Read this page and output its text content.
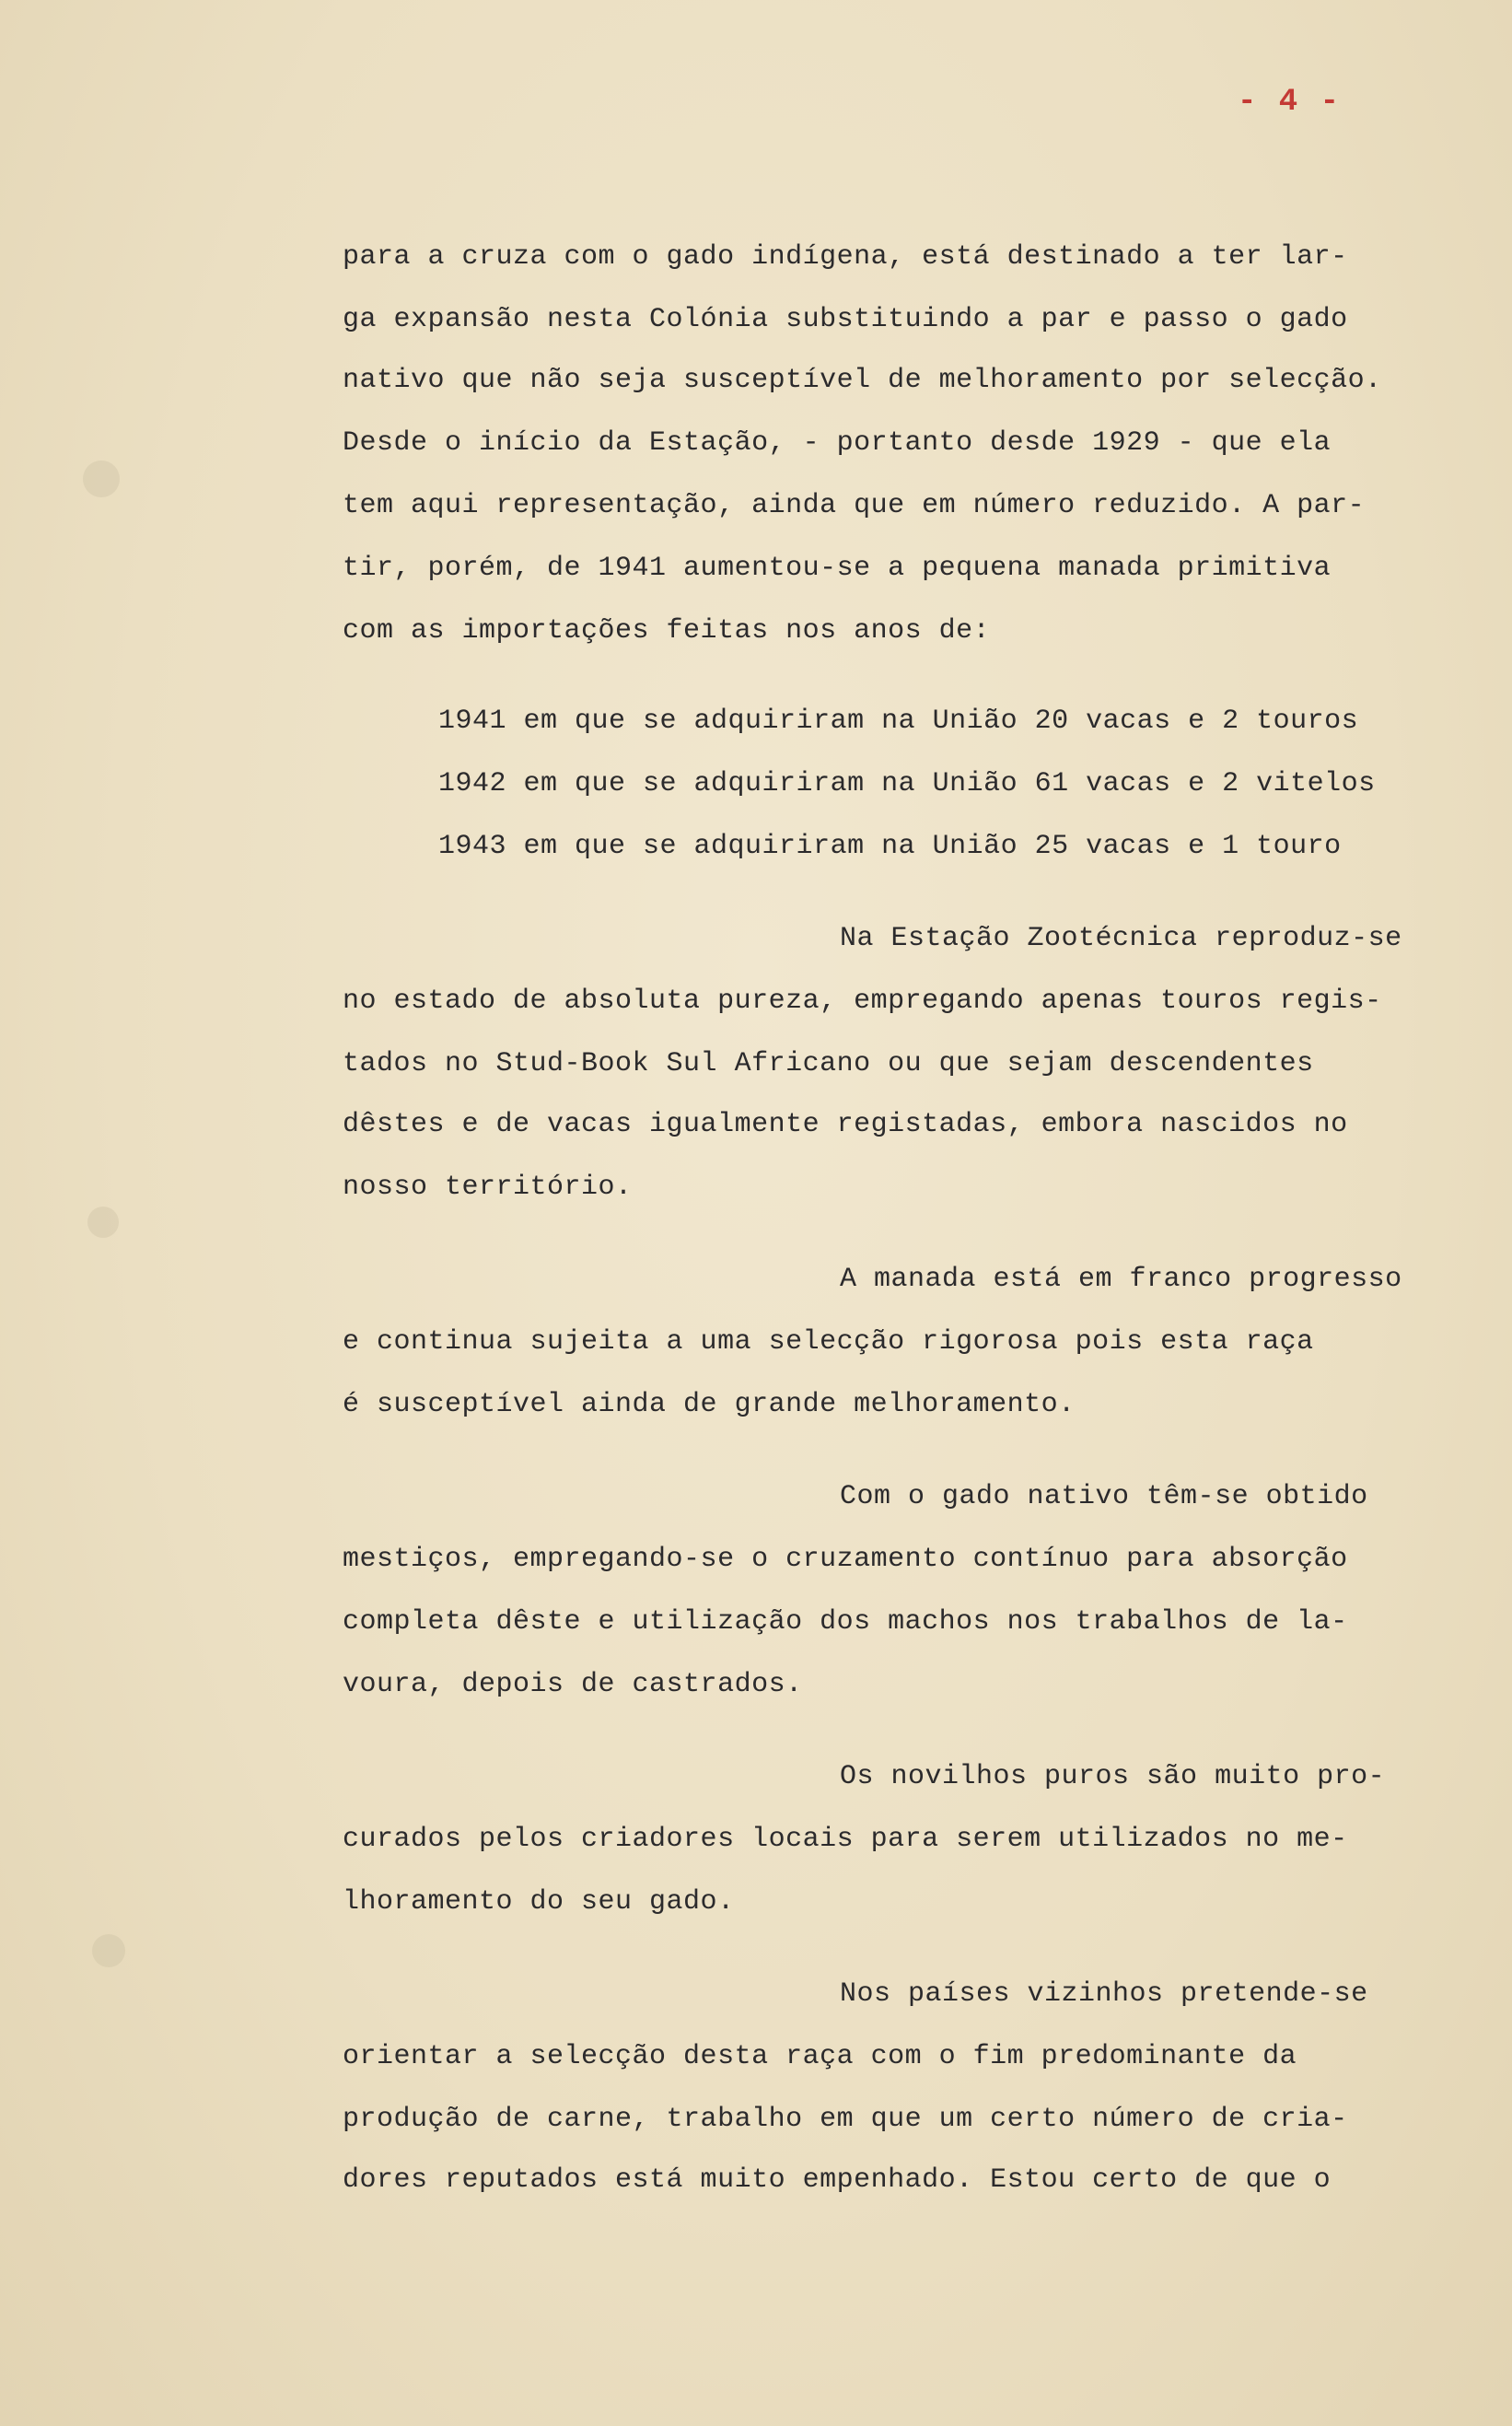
- 4 -
para a cruza com o gado indígena, está destinado a ter lar-
ga expansão nesta Colónia substituindo a par e passo o gado
nativo que não seja susceptível de melhoramento por selecção.
Desde o início da Estação, - portanto desde 1929 - que ela
tem aqui representação, ainda que em número reduzido. A par-
tir, porém, de 1941 aumentou-se a pequena manada primitiva
com as importações feitas nos anos de:
1941 em que se adquiriram na União 20 vacas e 2 touros
1942 em que se adquiriram na União 61 vacas e 2 vitelos
1943 em que se adquiriram na União 25 vacas e 1 touro
Na Estação Zootécnica reproduz-se
no estado de absoluta pureza, empregando apenas touros regis-
tados no Stud-Book Sul Africano ou que sejam descendentes
dêstes e de vacas igualmente registadas, embora nascidos no
nosso território.
A manada está em franco progresso
e continua sujeita a uma selecção rigorosa pois esta raça
é susceptível ainda de grande melhoramento.
Com o gado nativo têm-se obtido
mestiços, empregando-se o cruzamento contínuo para absorção
completa dêste e utilização dos machos nos trabalhos de la-
voura, depois de castrados.
Os novilhos puros são muito pro-
curados pelos criadores locais para serem utilizados no me-
lhoramento do seu gado.
Nos países vizinhos pretende-se
orientar a selecção desta raça com o fim predominante da
produção de carne, trabalho em que um certo número de cria-
dores reputados está muito empenhado. Estou certo de que o
